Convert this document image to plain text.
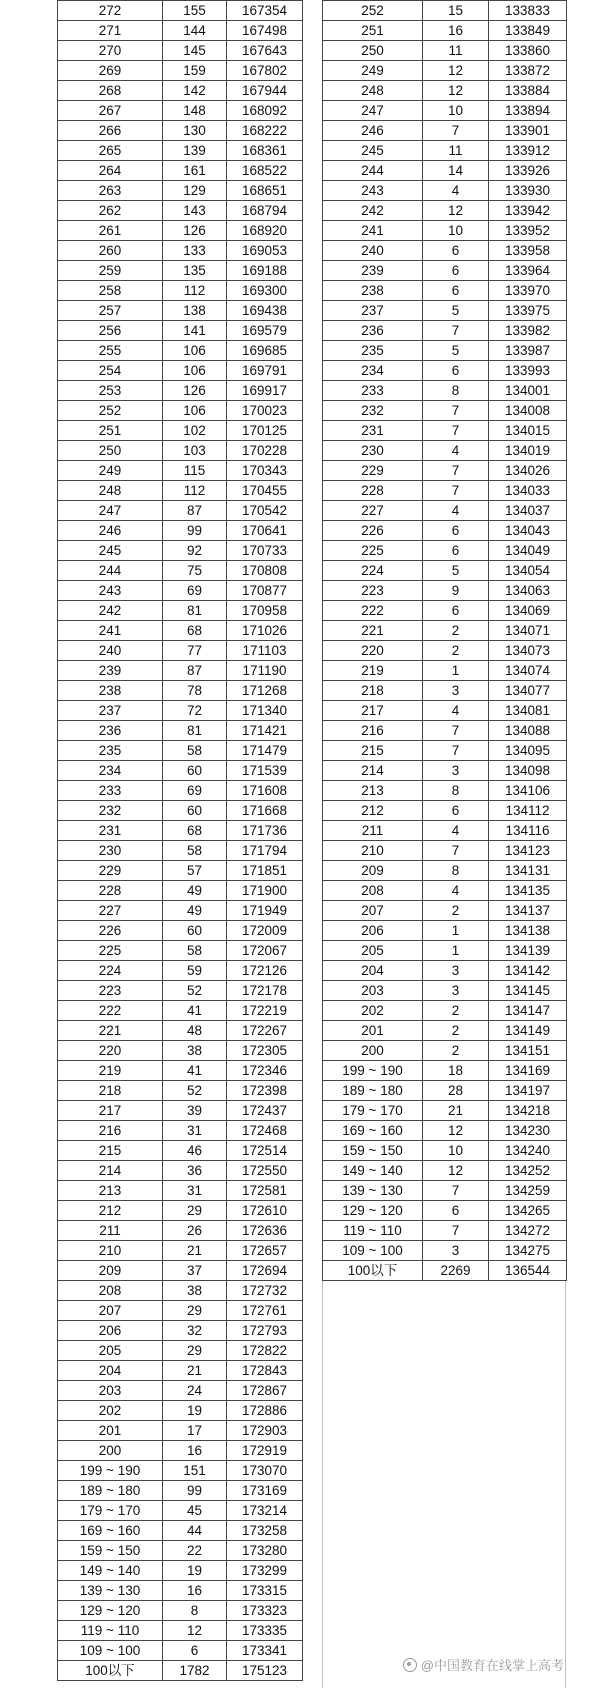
272	155	167354
271	144	167498
270	145	167643
269	159	167802
268	142	167944
267	148	168092
266	130	168222
265	139	168361
264	161	168522
263	129	168651
262	143	168794
261	126	168920
260	133	169053
259	135	169188
258	112	169300
257	138	169438
256	141	169579
255	106	169685
254	106	169791
253	126	169917
252	106	170023
251	102	170125
250	103	170228
249	115	170343
248	112	170455
247	87	170542
246	99	170641
245	92	170733
244	75	170808
243	69	170877
242	81	170958
241	68	171026
240	77	171103
239	87	171190
238	78	171268
237	72	171340
236	81	171421
235	58	171479
234	60	171539
233	69	171608
232	60	171668
231	68	171736
230	58	171794
229	57	171851
228	49	171900
227	49	171949
226	60	172009
225	58	172067
224	59	172126
223	52	172178
222	41	172219
221	48	172267
220	38	172305
219	41	172346
218	52	172398
217	39	172437
216	31	172468
215	46	172514
214	36	172550
213	31	172581
212	29	172610
211	26	172636
210	21	172657
209	37	172694
208	38	172732
207	29	172761
206	32	172793
205	29	172822
204	21	172843
203	24	172867
202	19	172886
201	17	172903
200	16	172919
199 ~ 190	151	173070
189 ~ 180	99	173169
179 ~ 170	45	173214
169 ~ 160	44	173258
159 ~ 150	22	173280
149 ~ 140	19	173299
139 ~ 130	16	173315
129 ~ 120	8	173323
119 ~ 110	12	173335
109 ~ 100	6	173341
100以下	1782	175123
252	15	133833
251	16	133849
250	11	133860
249	12	133872
248	12	133884
247	10	133894
246	7	133901
245	11	133912
244	14	133926
243	4	133930
242	12	133942
241	10	133952
240	6	133958
239	6	133964
238	6	133970
237	5	133975
236	7	133982
235	5	133987
234	6	133993
233	8	134001
232	7	134008
231	7	134015
230	4	134019
229	7	134026
228	7	134033
227	4	134037
226	6	134043
225	6	134049
224	5	134054
223	9	134063
222	6	134069
221	2	134071
220	2	134073
219	1	134074
218	3	134077
217	4	134081
216	7	134088
215	7	134095
214	3	134098
213	8	134106
212	6	134112
211	4	134116
210	7	134123
209	8	134131
208	4	134135
207	2	134137
206	1	134138
205	1	134139
204	3	134142
203	3	134145
202	2	134147
201	2	134149
200	2	134151
199 ~ 190	18	134169
189 ~ 180	28	134197
179 ~ 170	21	134218
169 ~ 160	12	134230
159 ~ 150	10	134240
149 ~ 140	12	134252
139 ~ 130	7	134259
129 ~ 120	6	134265
119 ~ 110	7	134272
109 ~ 100	3	134275
100以下	2269	136544
@中国教育在线掌上高考
